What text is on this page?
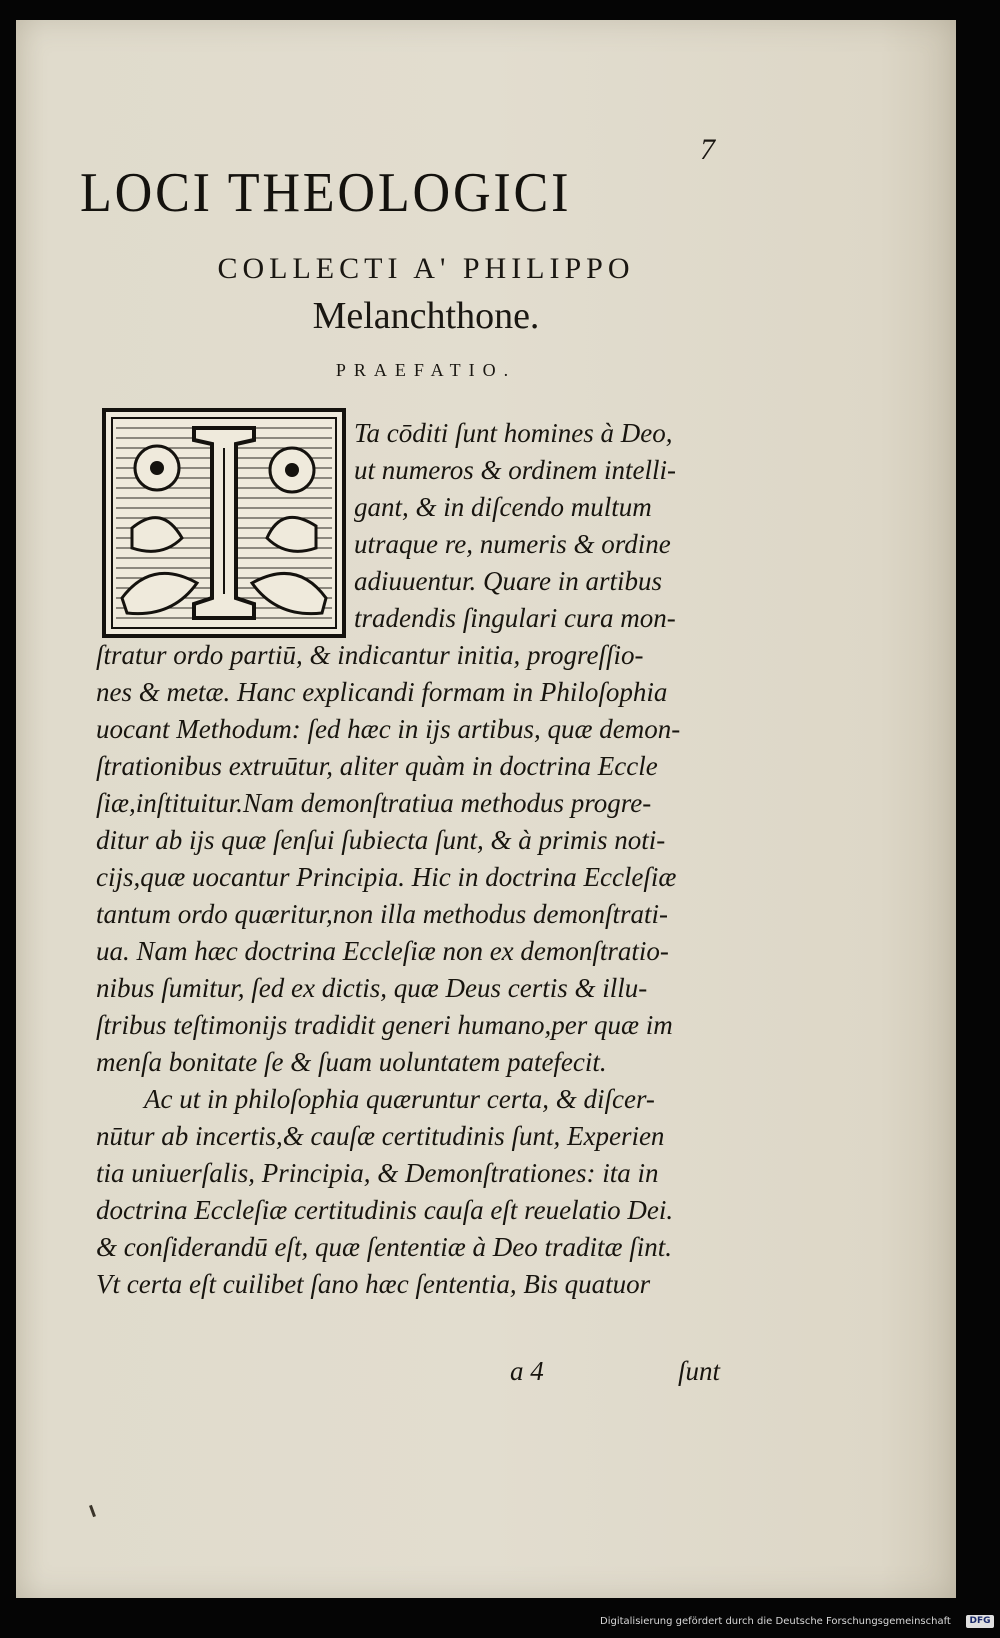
7
LOCI THEOLOGICI
COLLECTI A' PHILIPPO
Melanchthone.
PRAEFATIO.
Ta cōditi ſunt homines à Deo,
ut numeros & ordinem intelli-
gant, & in diſcendo multum
utraque re, numeris & ordine
adiuuentur. Quare in artibus
tradendis ſingulari cura mon-
ſtratur ordo partiū, & indicantur initia, progreſſio-
nes & metæ. Hanc explicandi formam in Philoſophia
uocant Methodum: ſed hæc in ijs artibus, quæ demon-
ſtrationibus extruūtur, aliter quàm in doctrina Eccle
ſiæ,inſtituitur.Nam demonſtratiua methodus progre-
ditur ab ijs quæ ſenſui ſubiecta ſunt, & à primis noti-
cijs,quæ uocantur Principia. Hic in doctrina Eccleſiæ
tantum ordo quæritur,non illa methodus demonſtrati-
ua. Nam hæc doctrina Eccleſiæ non ex demonſtratio-
nibus ſumitur, ſed ex dictis, quæ Deus certis & illu-
ſtribus teſtimonijs tradidit generi humano,per quæ im
menſa bonitate ſe & ſuam uoluntatem patefecit.
Ac ut in philoſophia quæruntur certa, & diſcer-
nūtur ab incertis,& cauſæ certitudinis ſunt, Experien
tia uniuerſalis, Principia, & Demonſtrationes: ita in
doctrina Eccleſiæ certitudinis cauſa eſt reuelatio Dei.
& conſiderandū eſt, quæ ſententiæ à Deo traditæ ſint.
Vt certa eſt cuilibet ſano hæc ſententia, Bis quatuor
a 4	ſunt
Digitalisierung gefördert durch die Deutsche Forschungsgemeinschaft	DFG
